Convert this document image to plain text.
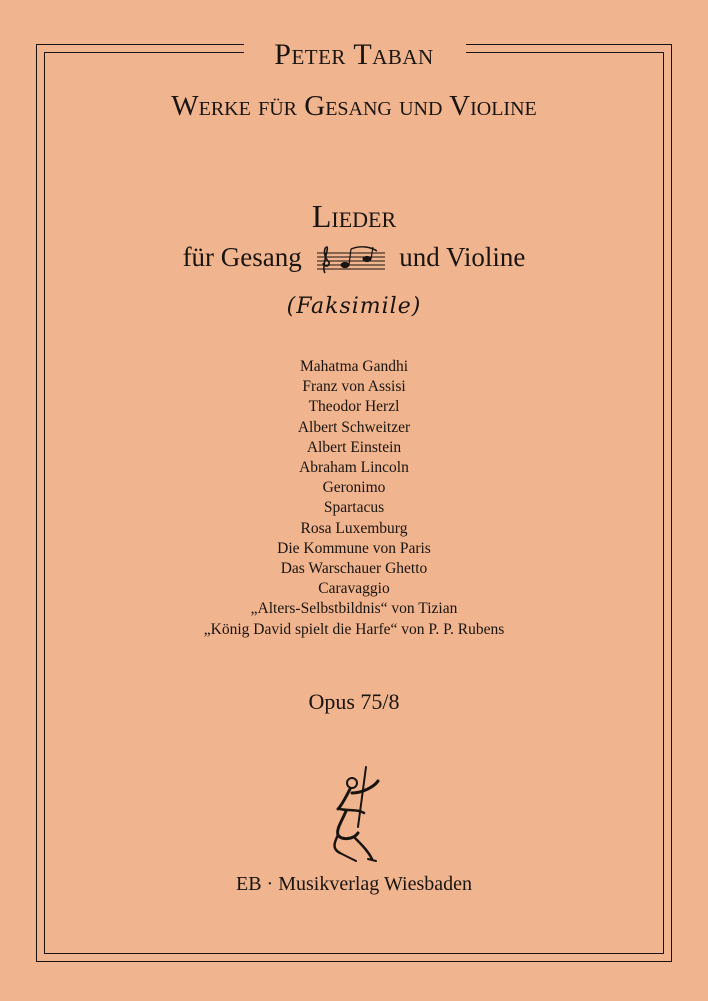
Peter Taban
Werke für Gesang und Violine
Lieder
für Gesang	und Violine
(Faksimile)
Mahatma Gandhi
Franz von Assisi
Theodor Herzl
Albert Schweitzer
Albert Einstein
Abraham Lincoln
Geronimo
Spartacus
Rosa Luxemburg
Die Kommune von Paris
Das Warschauer Ghetto
Caravaggio
„Alters-Selbstbildnis“ von Tizian
„König David spielt die Harfe“ von P. P. Rubens
Opus 75/8
EB · Musikverlag Wiesbaden
